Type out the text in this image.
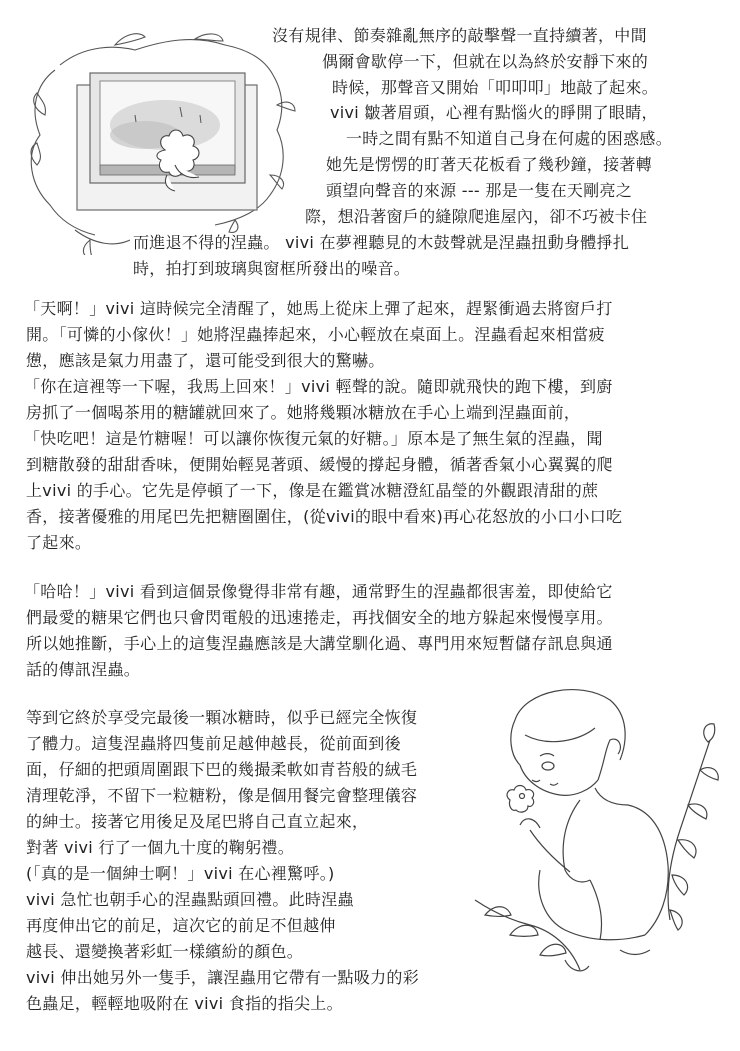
沒有規律、節奏雜亂無序的敲擊聲一直持續著，中間
偶爾會歇停一下，但就在以為終於安靜下來的
時候，那聲音又開始「叩叩叩」地敲了起來。
vivi 皺著眉頭，心裡有點惱火的睜開了眼睛，
一時之間有點不知道自己身在何處的困惑感。
她先是愣愣的盯著天花板看了幾秒鐘，接著轉
頭望向聲音的來源 --- 那是一隻在天剛亮之
際，想沿著窗戶的縫隙爬進屋內，卻不巧被卡住
而進退不得的涅蟲。 vivi 在夢裡聽見的木鼓聲就是涅蟲扭動身體掙扎
時，拍打到玻璃與窗框所發出的噪音。
「天啊！」vivi 這時候完全清醒了，她馬上從床上彈了起來，趕緊衝過去將窗戶打
開。「可憐的小傢伙！」她將涅蟲捧起來，小心輕放在桌面上。涅蟲看起來相當疲
憊，應該是氣力用盡了，還可能受到很大的驚嚇。
「你在這裡等一下喔，我馬上回來！」vivi 輕聲的說。隨即就飛快的跑下樓，到廚
房抓了一個喝茶用的糖罐就回來了。她將幾顆冰糖放在手心上端到涅蟲面前，
「快吃吧！這是竹糖喔！可以讓你恢復元氣的好糖。」原本是了無生氣的涅蟲，聞
到糖散發的甜甜香味，便開始輕晃著頭、緩慢的撐起身體，循著香氣小心翼翼的爬
上vivi 的手心。它先是停頓了一下，像是在鑑賞冰糖澄紅晶瑩的外觀跟清甜的蔗
香，接著優雅的用尾巴先把糖圈圍住，(從vivi的眼中看來)再心花怒放的小口小口吃
了起來。
「哈哈！」vivi 看到這個景像覺得非常有趣，通常野生的涅蟲都很害羞，即使給它
們最愛的糖果它們也只會閃電般的迅速捲走，再找個安全的地方躲起來慢慢享用。
所以她推斷，手心上的這隻涅蟲應該是大講堂馴化過、專門用來短暫儲存訊息與通
話的傳訊涅蟲。
等到它終於享受完最後一顆冰糖時，似乎已經完全恢復
了體力。這隻涅蟲將四隻前足越伸越長，從前面到後
面，仔細的把頭周圍跟下巴的幾撮柔軟如青苔般的絨毛
清理乾淨，不留下一粒糖粉，像是個用餐完會整理儀容
的紳士。接著它用後足及尾巴將自己直立起來，
對著 vivi 行了一個九十度的鞠躬禮。
(「真的是一個紳士啊！」vivi 在心裡驚呼。)
vivi 急忙也朝手心的涅蟲點頭回禮。此時涅蟲
再度伸出它的前足，這次它的前足不但越伸
越長、還變換著彩虹一樣繽紛的顏色。
vivi 伸出她另外一隻手，讓涅蟲用它帶有一點吸力的彩
色蟲足，輕輕地吸附在 vivi 食指的指尖上。
